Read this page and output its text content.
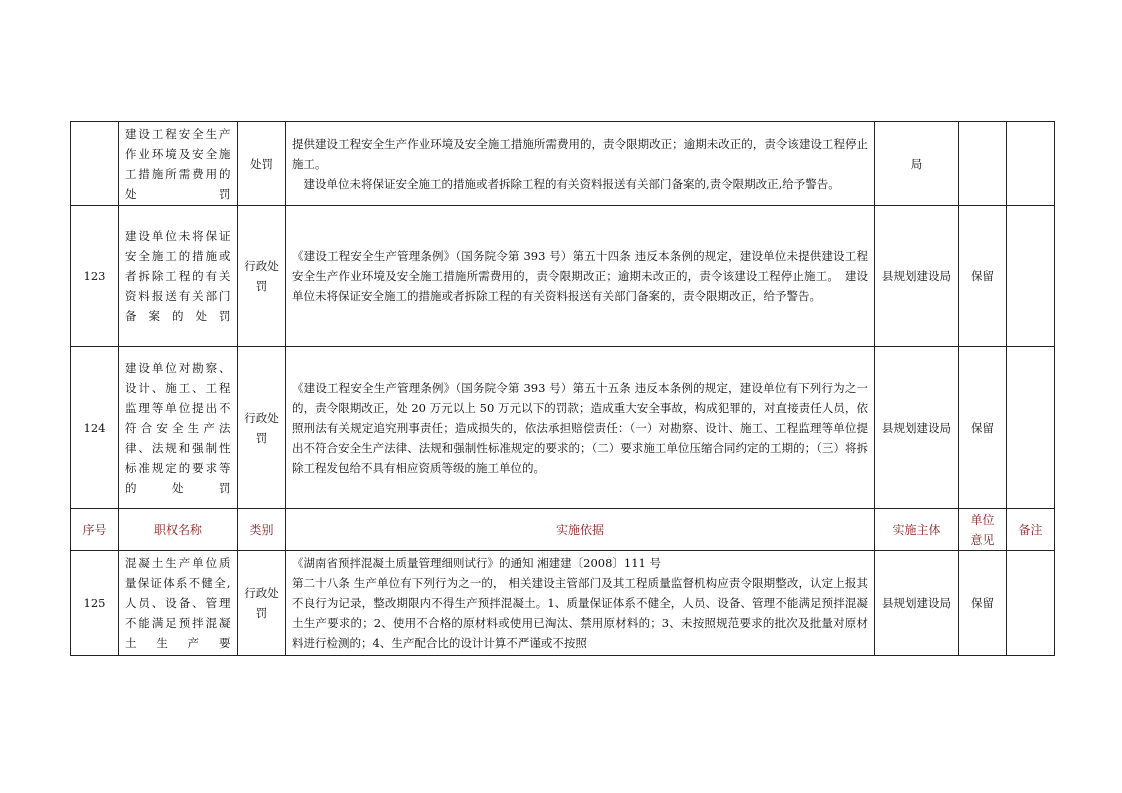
	建设工程安全生产作业环境及安全施工措施所需费用的处罚	处罚	提供建设工程安全生产作业环境及安全施工措施所需费用的，责令限期改正；逾期未改正的，责令该建设工程停止施工。
建设单位未将保证安全施工的措施或者拆除工程的有关资料报送有关部门备案的,责令限期改正,给予警告。	局		
123	建设单位未将保证安全施工的措施或者拆除工程的有关资料报送有关部门备案的处罚	行政处罚	《建设工程安全生产管理条例》（国务院令第 393 号）第五十四条 违反本条例的规定，建设单位未提供建设工程安全生产作业环境及安全施工措施所需费用的，责令限期改正；逾期未改正的，责令该建设工程停止施工。　建设单位未将保证安全施工的措施或者拆除工程的有关资料报送有关部门备案的，责令限期改正，给予警告。	县规划建设局	保留	
124	建设单位对勘察、设计、施工、工程监理等单位提出不符合安全生产法律、法规和强制性标准规定的要求等的处罚	行政处罚	《建设工程安全生产管理条例》（国务院令第 393 号）第五十五条 违反本条例的规定，建设单位有下列行为之一的，责令限期改正，处 20 万元以上 50 万元以下的罚款；造成重大安全事故，构成犯罪的，对直接责任人员，依照刑法有关规定追究刑事责任；造成损失的，依法承担赔偿责任：（一）对勘察、设计、施工、工程监理等单位提出不符合安全生产法律、法规和强制性标准规定的要求的；（二）要求施工单位压缩合同约定的工期的；（三）将拆除工程发包给不具有相应资质等级的施工单位的。	县规划建设局	保留	
序号	职权名称	类别	实施依据	实施主体	单位意见	备注
125	混凝土生产单位质量保证体系不健全,人员、设备、管理不能满足预拌混凝土生产要	行政处罚	《湖南省预拌混凝土质量管理细则试行》的通知 湘建建〔2008〕111 号
第二十八条 生产单位有下列行为之一的， 相关建设主管部门及其工程质量监督机构应责令限期整改，认定上报其不良行为记录，整改期限内不得生产预拌混凝土。1、质量保证体系不健全，人员、设备、管理不能满足预拌混凝土生产要求的；2、使用不合格的原材料或使用已淘汰、禁用原材料的；3、未按照规范要求的批次及批量对原材料进行检测的；4、生产配合比的设计计算不严谨或不按照	县规划建设局	保留	
